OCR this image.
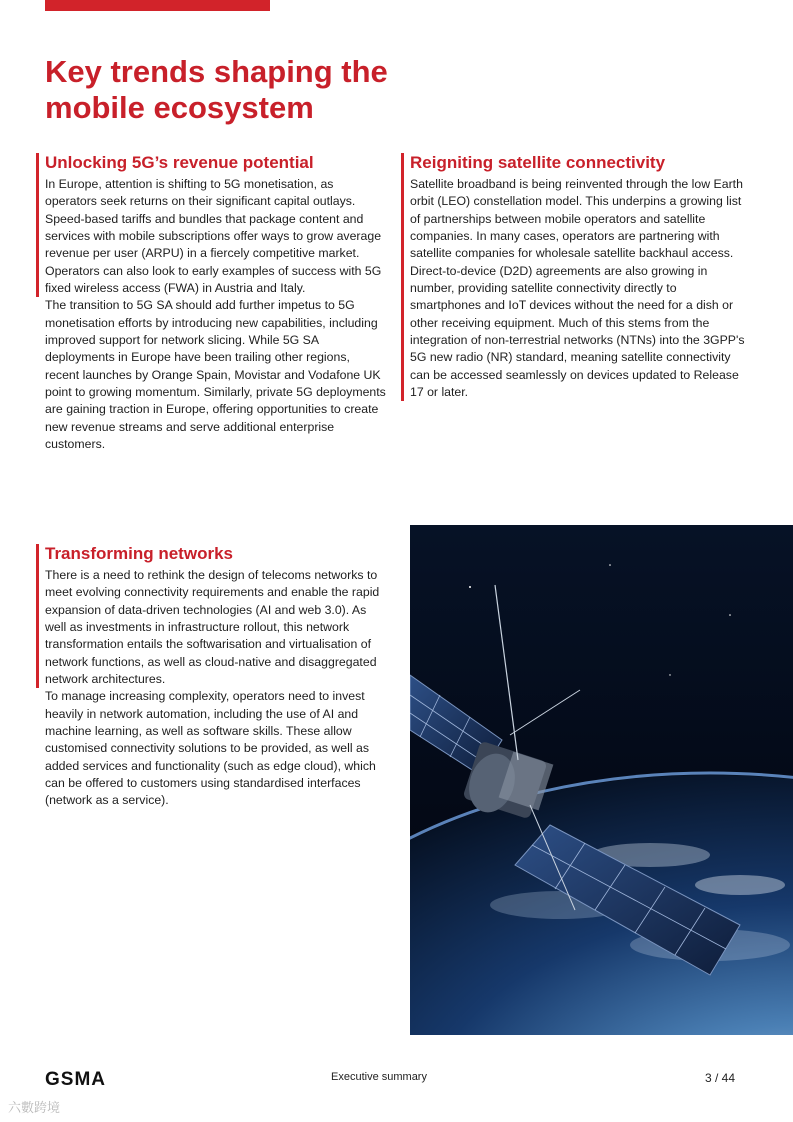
Key trends shaping the mobile ecosystem
Unlocking 5G’s revenue potential

In Europe, attention is shifting to 5G monetisation, as operators seek returns on their significant capital outlays. Speed-based tariffs and bundles that package content and services with mobile subscriptions offer ways to grow average revenue per user (ARPU) in a fiercely competitive market. Operators can also look to early examples of success with 5G fixed wireless access (FWA) in Austria and Italy.

The transition to 5G SA should add further impetus to 5G monetisation efforts by introducing new capabilities, including improved support for network slicing. While 5G SA deployments in Europe have been trailing other regions, recent launches by Orange Spain, Movistar and Vodafone UK point to growing momentum. Similarly, private 5G deployments are gaining traction in Europe, offering opportunities to create new revenue streams and serve additional enterprise customers.

Transforming networks

There is a need to rethink the design of telecoms networks to meet evolving connectivity requirements and enable the rapid expansion of data-driven technologies (AI and web 3.0). As well as investments in infrastructure rollout, this network transformation entails the softwarisation and virtualisation of network functions, as well as cloud-native and disaggregated network architectures.

To manage increasing complexity, operators need to invest heavily in network automation, including the use of AI and machine learning, as well as software skills. These allow customised connectivity solutions to be provided, as well as added services and functionality (such as edge cloud), which can be offered to customers using standardised interfaces (network as a service).

Reigniting satellite connectivity

Satellite broadband is being reinvented through the low Earth orbit (LEO) constellation model. This underpins a growing list of partnerships between mobile operators and satellite companies. In many cases, operators are partnering with satellite companies for wholesale satellite backhaul access. Direct-to-device (D2D) agreements are also growing in number, providing satellite connectivity directly to smartphones and IoT devices without the need for a dish or other receiving equipment. Much of this stems from the integration of non-terrestrial networks (NTNs) into the 3GPP's 5G new radio (NR) standard, meaning satellite connectivity can be accessed seamlessly on devices updated to Release 17 or later.

GSMA	Executive summary	3 / 44
六數跨境
